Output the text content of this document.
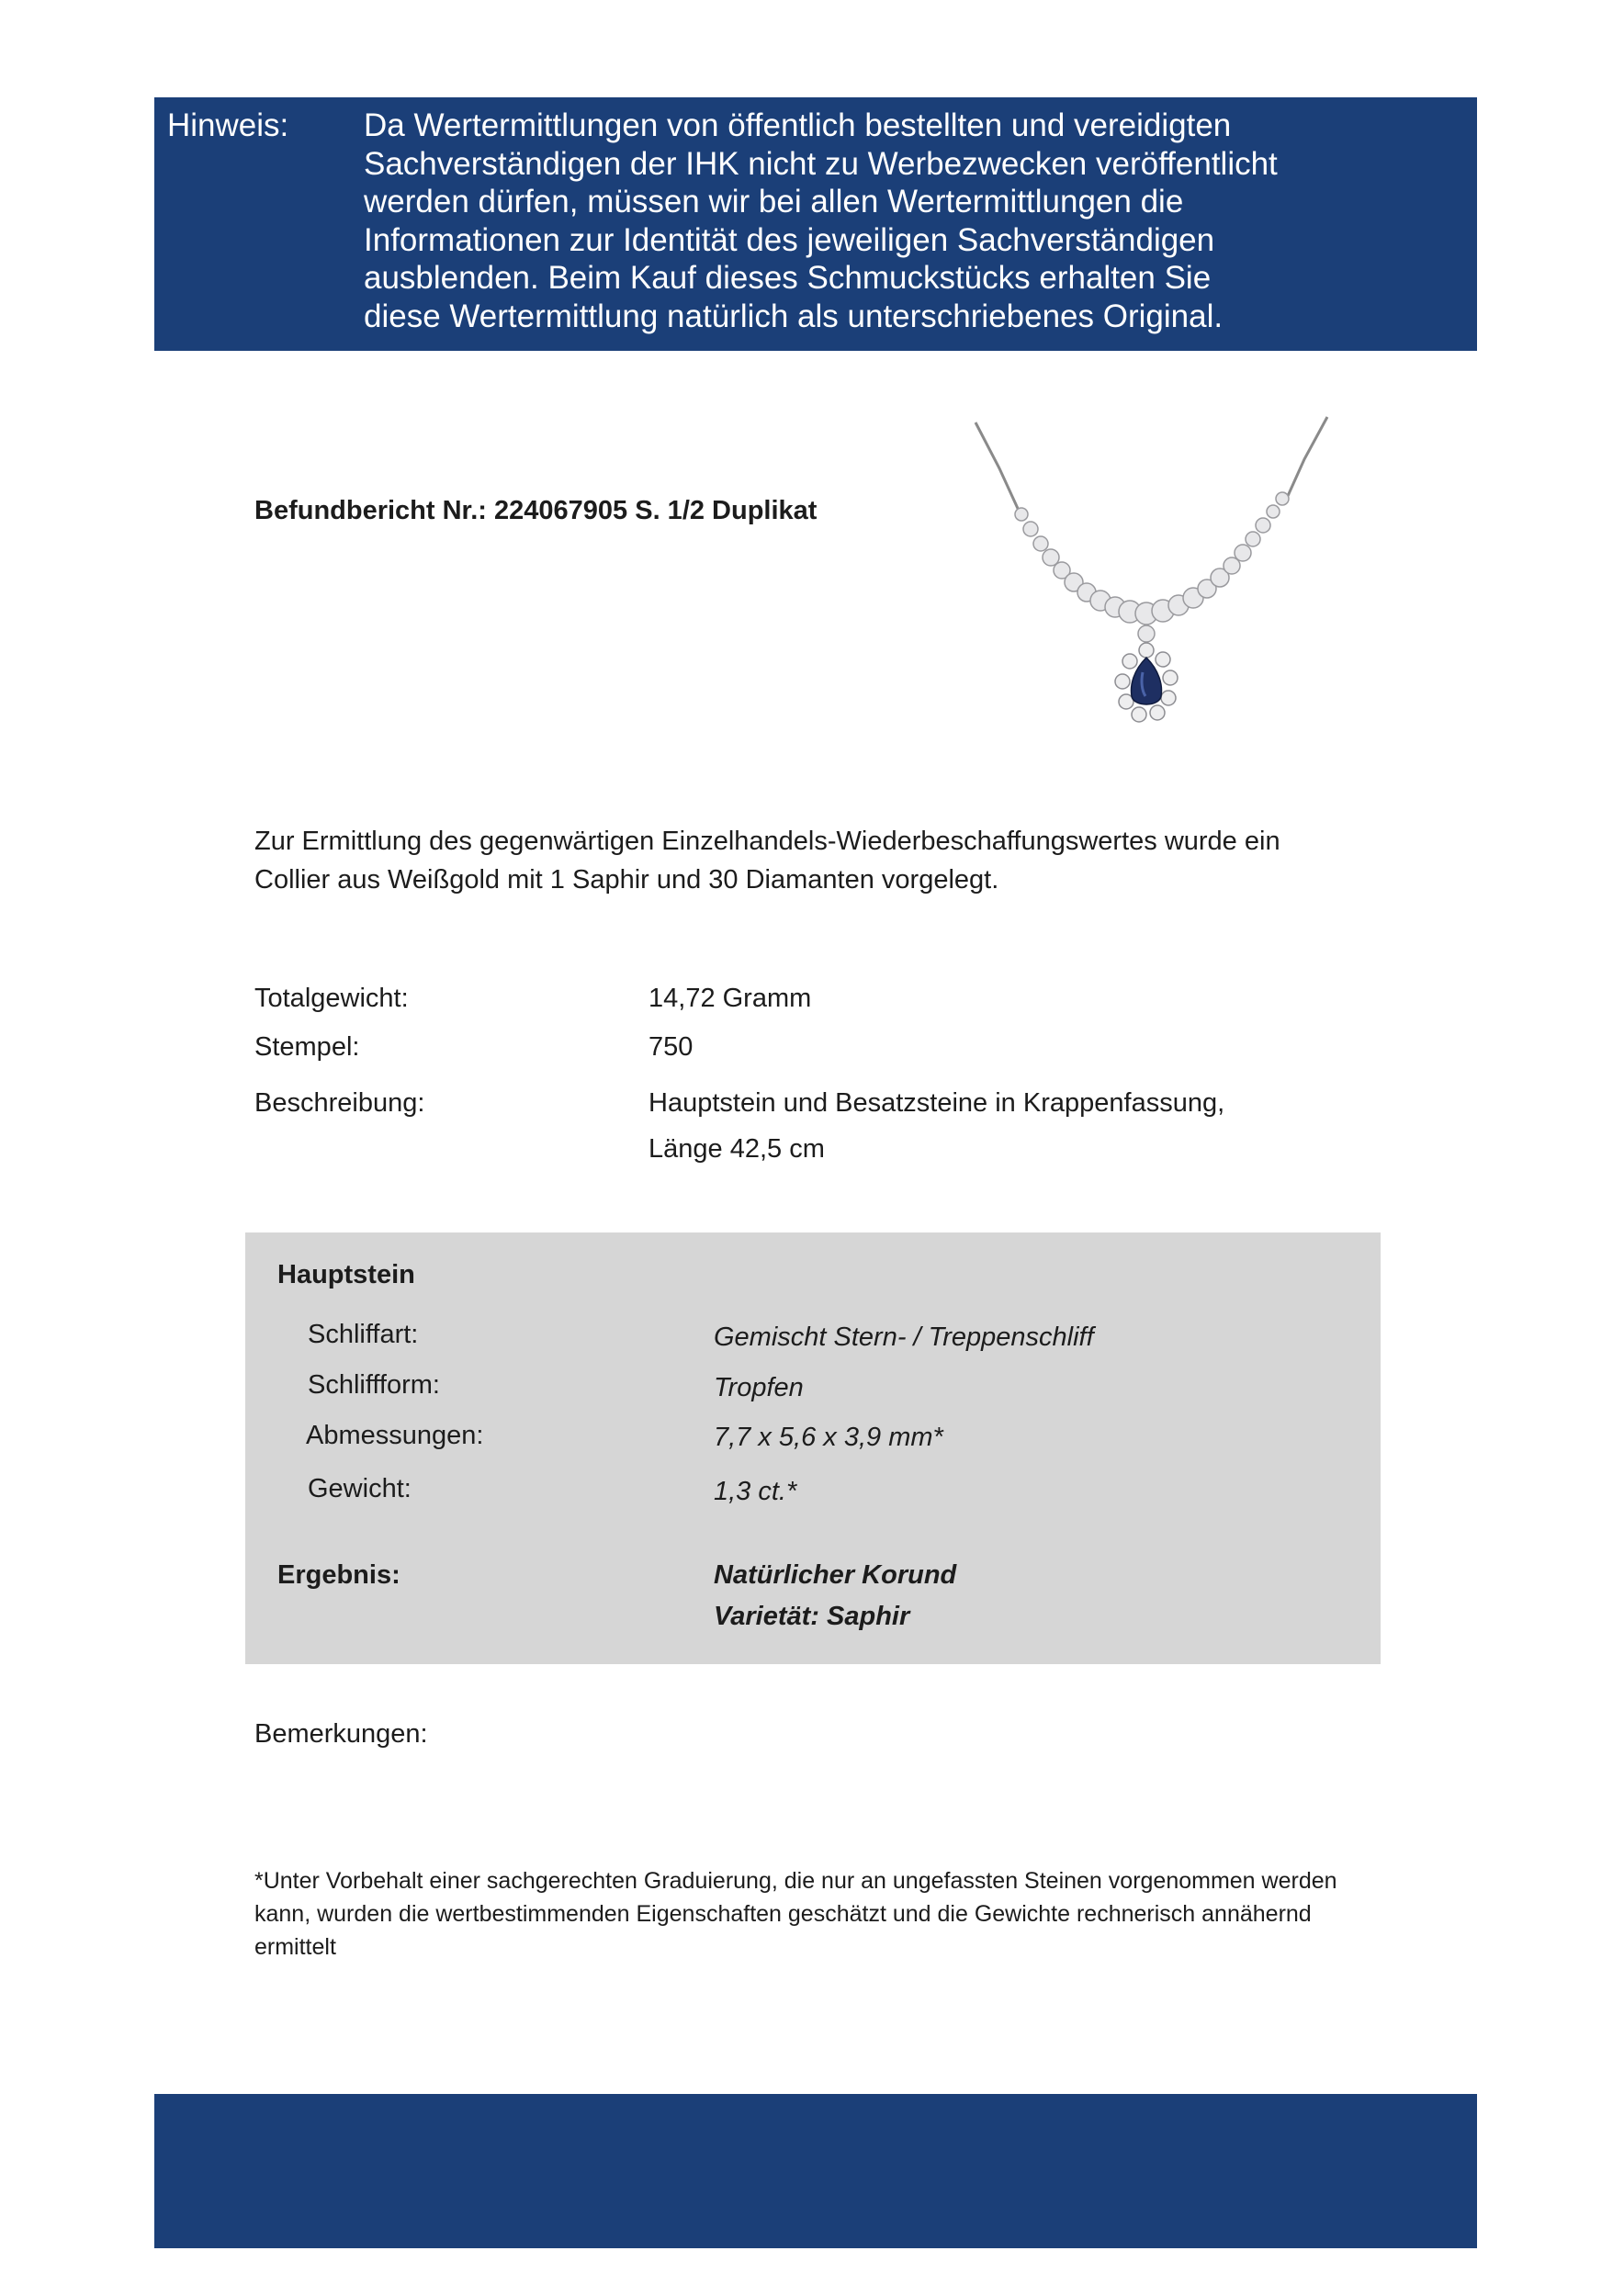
Hinweis: Da Wertermittlungen von öffentlich bestellten und vereidigten
Sachverständigen der IHK nicht zu Werbezwecken veröffentlicht
werden dürfen, müssen wir bei allen Wertermittlungen die
Informationen zur Identität des jeweiligen Sachverständigen
ausblenden. Beim Kauf dieses Schmuckstücks erhalten Sie
diese Wertermittlung natürlich als unterschriebenes Original.
Befundbericht Nr.: 224067905 S. 1/2 Duplikat
Zur Ermittlung des gegenwärtigen Einzelhandels-Wiederbeschaffungswertes wurde ein
Collier aus Weißgold mit 1 Saphir und 30 Diamanten vorgelegt.
Totalgewicht:	14,72 Gramm
Stempel:	750
Beschreibung:	Hauptstein und Besatzsteine in Krappenfassung,
Länge 42,5 cm
Hauptstein
Schliffart:	Gemischt Stern- / Treppenschliff
Schliffform:	Tropfen
Abmessungen:	7,7 x 5,6 x 3,9 mm*
Gewicht:	1,3 ct.*
Ergebnis:	Natürlicher Korund
Varietät: Saphir
Bemerkungen:
*Unter Vorbehalt einer sachgerechten Graduierung, die nur an ungefassten Steinen vorgenommen werden
kann, wurden die wertbestimmenden Eigenschaften geschätzt und die Gewichte rechnerisch annähernd
ermittelt
